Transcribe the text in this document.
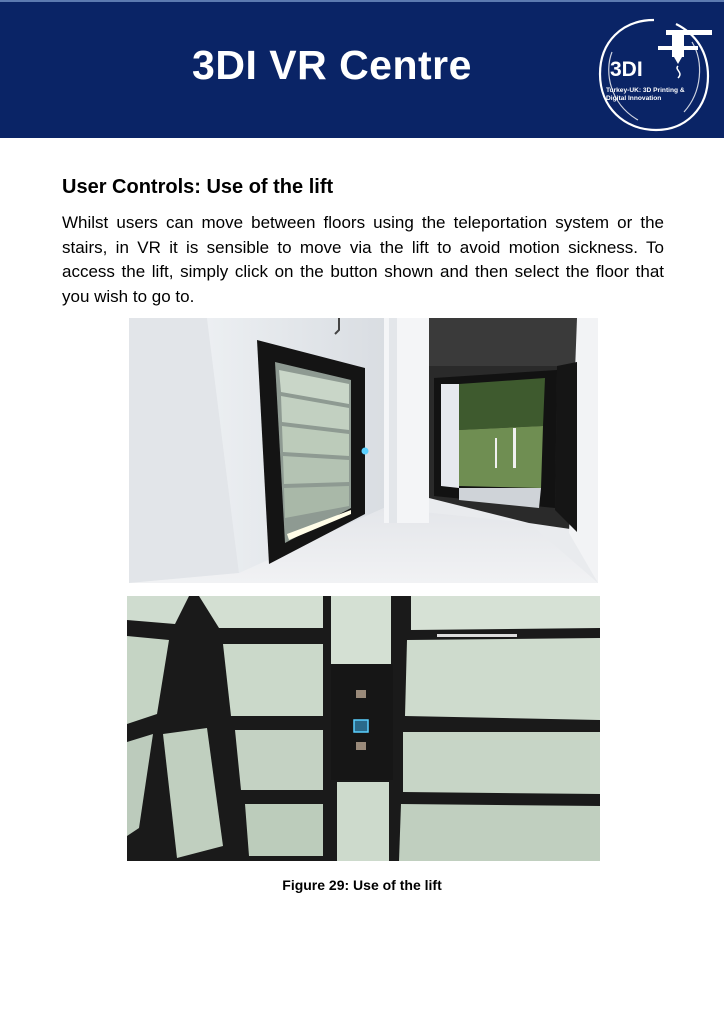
3DI VR Centre	3DI
Turkey-UK: 3D Printing & Digital Innovation
User Controls: Use of the lift
Whilst users can move between floors using the teleportation system or the stairs, in VR it is sensible to move via the lift to avoid motion sickness. To access the lift, simply click on the button shown and then select the floor that you wish to go to.
Figure 29: Use of the lift
